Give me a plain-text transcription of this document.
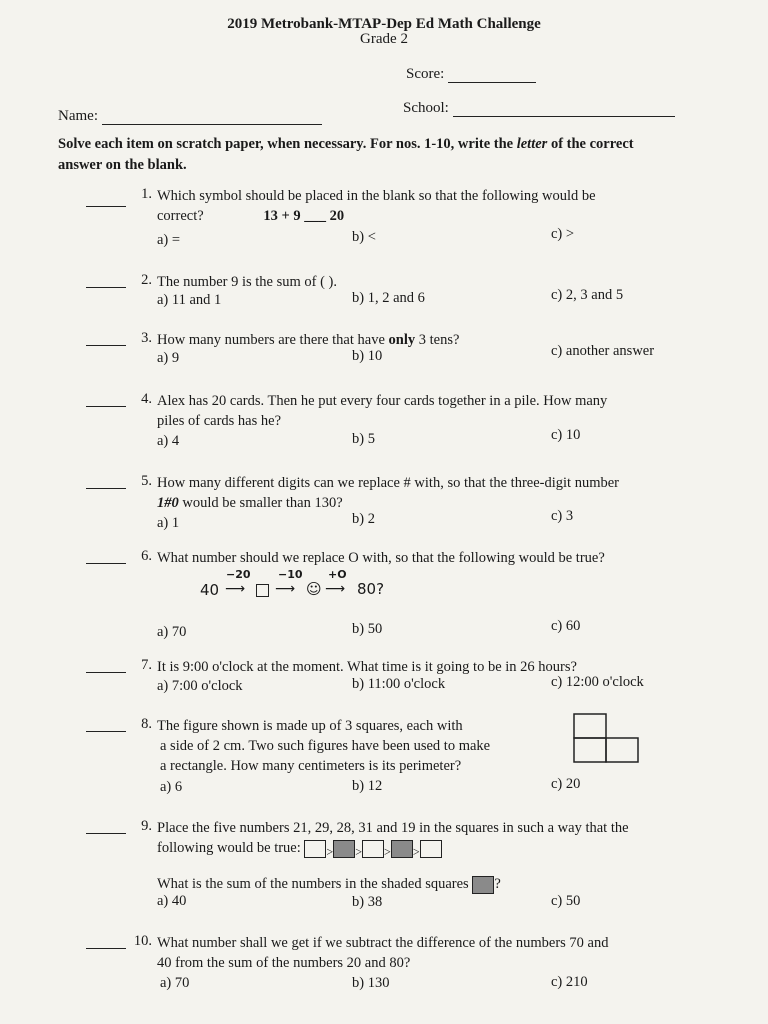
2019 Metrobank-MTAP-Dep Ed Math Challenge
Grade 2
Score:
Name:	School:
Solve each item on scratch paper, when necessary. For nos. 1-10, write the letter of the correct answer on the blank.
1. Which symbol should be placed in the blank so that the following would be
correct?	13 + 9 ___ 20
a) =	b) <	c) >
2. The number 9 is the sum of ( ).
a) 11 and 1	b) 1, 2 and 6	c) 2, 3 and 5
3. How many numbers are there that have only 3 tens?
a) 9	b) 10	c) another answer
4. Alex has 20 cards. Then he put every four cards together in a pile. How many
piles of cards has he?
a) 4	b) 5	c) 10
5. How many different digits can we replace # with, so that the three-digit number
1#0 would be smaller than 130?
a) 1	b) 2	c) 3
6. What number should we replace O with, so that the following would be true?
40
−20
⟶
−10
⟶ ☺
+O
⟶ 80?
a) 70	b) 50	c) 60
7. It is 9:00 o'clock at the moment. What time is it going to be in 26 hours?
a) 7:00 o'clock	b) 11:00 o'clock	c) 12:00 o'clock
8. The figure shown is made up of 3 squares, each with
a side of 2 cm. Two such figures have been used to make
a rectangle. How many centimeters is its perimeter?
a) 6	b) 12	c) 20
9. Place the five numbers 21, 29, 28, 31 and 19 in the squares in such a way that the
following would be true: $_>$ $_>$ $_>$ $_>$
What is the sum of the numbers in the shaded squares ?
a) 40	b) 38	c) 50
10. What number shall we get if we subtract the difference of the numbers 70 and
40 from the sum of the numbers 20 and 80?
a) 70	b) 130	c) 210
